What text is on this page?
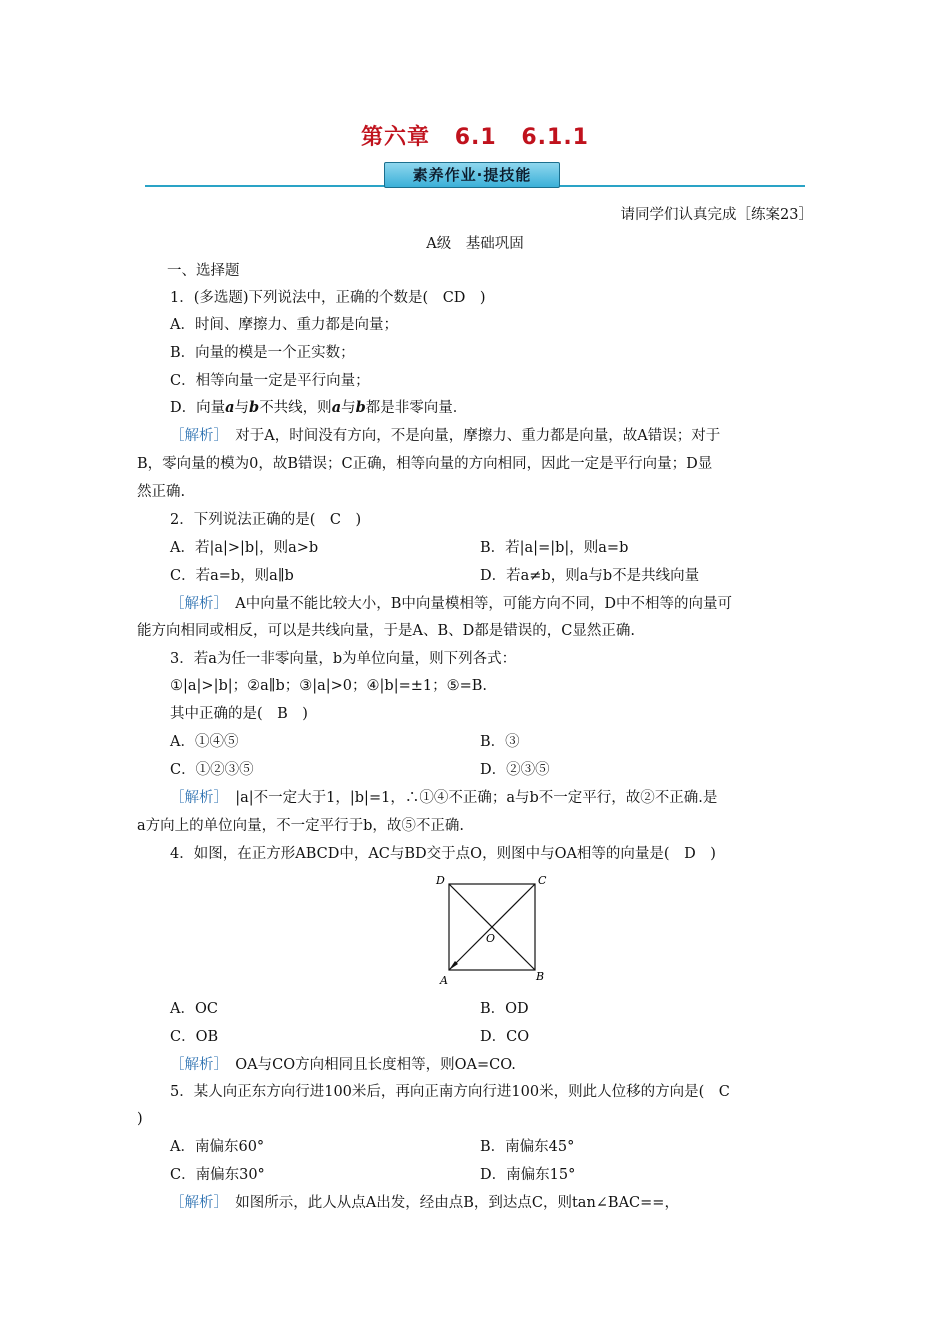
第六章 6.1 6.1.1
素养作业·提技能
请同学们认真完成［练案23］
A级　基础巩固
一、选择题
1．(多选题)下列说法中，正确的个数是(　CD　)
A．时间、摩擦力、重力都是向量；
B．向量的模是一个正实数；
C．相等向量一定是平行向量；
D．向量a与b不共线，则a与b都是非零向量．
［解析］　 对于A，时间没有方向，不是向量，摩擦力、重力都是向量，故A错误；对于
B，零向量的模为0，故B错误；C正确，相等向量的方向相同，因此一定是平行向量；D显
然正确.
2．下列说法正确的是(　C　)
A．若|a|>|b|，则a>b	B．若|a|=|b|，则a=b
C．若a=b，则a∥b	D．若a≠b，则a与b不是共线向量
［解析］　 A中向量不能比较大小，B中向量模相等，可能方向不同，D中不相等的向量可
能方向相同或相反，可以是共线向量，于是A、B、D都是错误的，C显然正确.
3．若a为任一非零向量，b为单位向量，则下列各式：
①|a|>|b|；②a∥b；③|a|>0；④|b|=±1；⑤=B.
其中正确的是(　B　)
A．①④⑤	B．③
C．①②③⑤	D．②③⑤
［解析］　 |a|不一定大于1，|b|=1，∴①④不正确；a与b不一定平行，故②不正确.是
a方向上的单位向量，不一定平行于b，故⑤不正确.
4．如图，在正方形ABCD中，AC与BD交于点O，则图中与OA相等的向量是(　D　)
D	C
A	B
O
A．OC	B．OD
C．OB	D．CO
［解析］　 OA与CO方向相同且长度相等，则OA=CO.
5．某人向正东方向行进100米后，再向正南方向行进100米，则此人位移的方向是(　C
)
A．南偏东60°	B．南偏东45°
C．南偏东30°	D．南偏东15°
［解析］　 如图所示，此人从点A出发，经由点B，到达点C，则tan∠BAC==，
